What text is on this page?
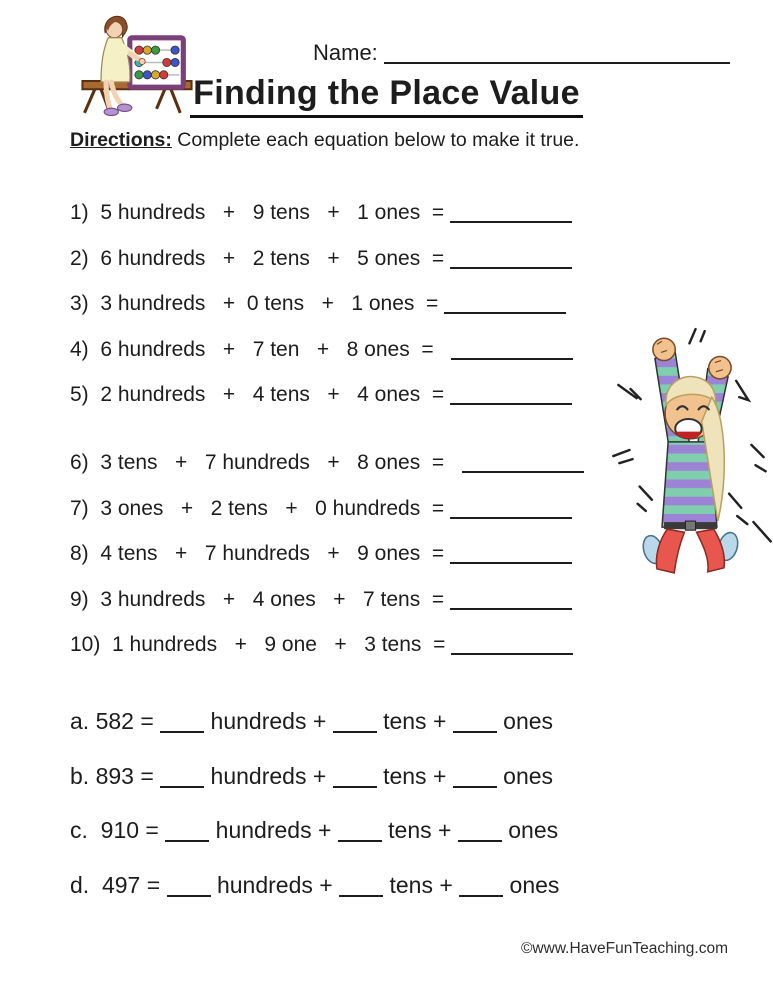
Name:
Finding the Place Value
Directions: Complete each equation below to make it true.
1)  5 hundreds   +   9 tens   +   1 ones  =
2)  6 hundreds   +   2 tens   +   5 ones  =
3)  3 hundreds   +  0 tens   +   1 ones  =
4)  6 hundreds   +   7 ten   +   8 ones  =
5)  2 hundreds   +   4 tens   +   4 ones  =
6)  3 tens   +   7 hundreds   +   8 ones  =
7)  3 ones   +   2 tens   +   0 hundreds  =
8)  4 tens   +   7 hundreds   +   9 ones  =
9)  3 hundreds   +   4 ones   +   7 tens  =
10)  1 hundreds   +   9 one   +   3 tens  =
a. 582 =  hundreds +  tens +  ones
b. 893 =  hundreds +  tens +  ones
c.  910 =  hundreds +  tens +  ones
d.  497 =  hundreds +  tens +  ones
©www.HaveFunTeaching.com
